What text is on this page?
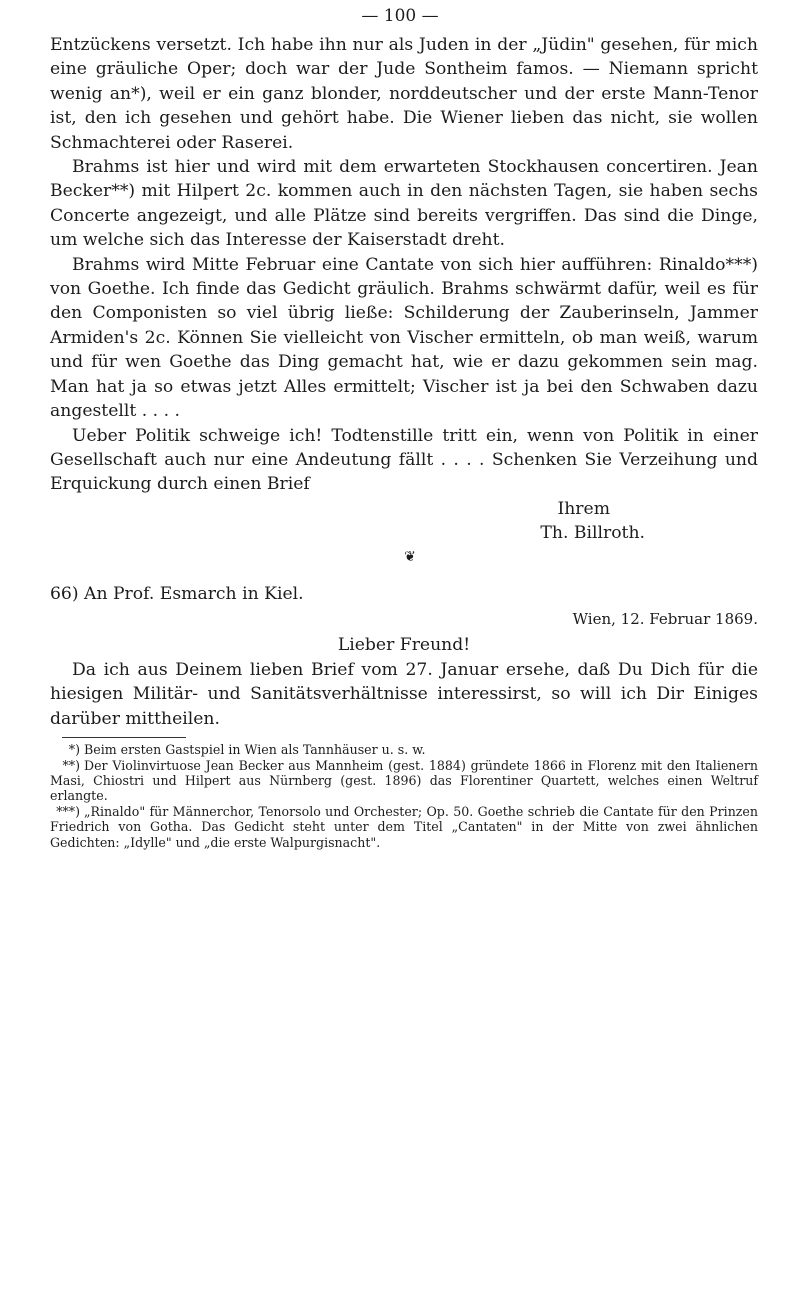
— 100 —

Entzückens versetzt. Ich habe ihn nur als Juden in der „Jüdin" gesehen, für mich eine gräuliche Oper; doch war der Jude Sontheim famos. — Niemann spricht wenig an*), weil er ein ganz blonder, norddeutscher und der erste Mann-Tenor ist, den ich gesehen und gehört habe. Die Wiener lieben das nicht, sie wollen Schmachterei oder Raserei.

Brahms ist hier und wird mit dem erwarteten Stockhausen concertiren. Jean Becker**) mit Hilpert 2c. kommen auch in den nächsten Tagen, sie haben sechs Concerte angezeigt, und alle Plätze sind bereits vergriffen. Das sind die Dinge, um welche sich das Interesse der Kaiserstadt dreht.

Brahms wird Mitte Februar eine Cantate von sich hier aufführen: Rinaldo***) von Goethe. Ich finde das Gedicht gräulich. Brahms schwärmt dafür, weil es für den Componisten so viel übrig ließe: Schilderung der Zauberinseln, Jammer Armiden's 2c. Können Sie vielleicht von Vischer ermitteln, ob man weiß, warum und für wen Goethe das Ding gemacht hat, wie er dazu gekommen sein mag. Man hat ja so etwas jetzt Alles ermittelt; Vischer ist ja bei den Schwaben dazu angestellt . . . .

Ueber Politik schweige ich! Todtenstille tritt ein, wenn von Politik in einer Gesellschaft auch nur eine Andeutung fällt . . . . Schenken Sie Verzeihung und Erquickung durch einen Brief

Ihrem

Th. Billroth.

❦

66) An Prof. Esmarch in Kiel.

Wien, 12. Februar 1869.

Lieber Freund!

Da ich aus Deinem lieben Brief vom 27. Januar ersehe, daß Du Dich für die hiesigen Militär- und Sanitätsverhältnisse interessirst, so will ich Dir Einiges darüber mittheilen.

*) Beim ersten Gastspiel in Wien als Tannhäuser u. s. w.

**) Der Violinvirtuose Jean Becker aus Mannheim (gest. 1884) gründete 1866 in Florenz mit den Italienern Masi, Chiostri und Hilpert aus Nürnberg (gest. 1896) das Florentiner Quartett, welches einen Weltruf erlangte.

***) „Rinaldo" für Männerchor, Tenorsolo und Orchester; Op. 50. Goethe schrieb die Cantate für den Prinzen Friedrich von Gotha. Das Gedicht steht unter dem Titel „Cantaten" in der Mitte von zwei ähnlichen Gedichten: „Idylle" und „die erste Walpurgisnacht".
